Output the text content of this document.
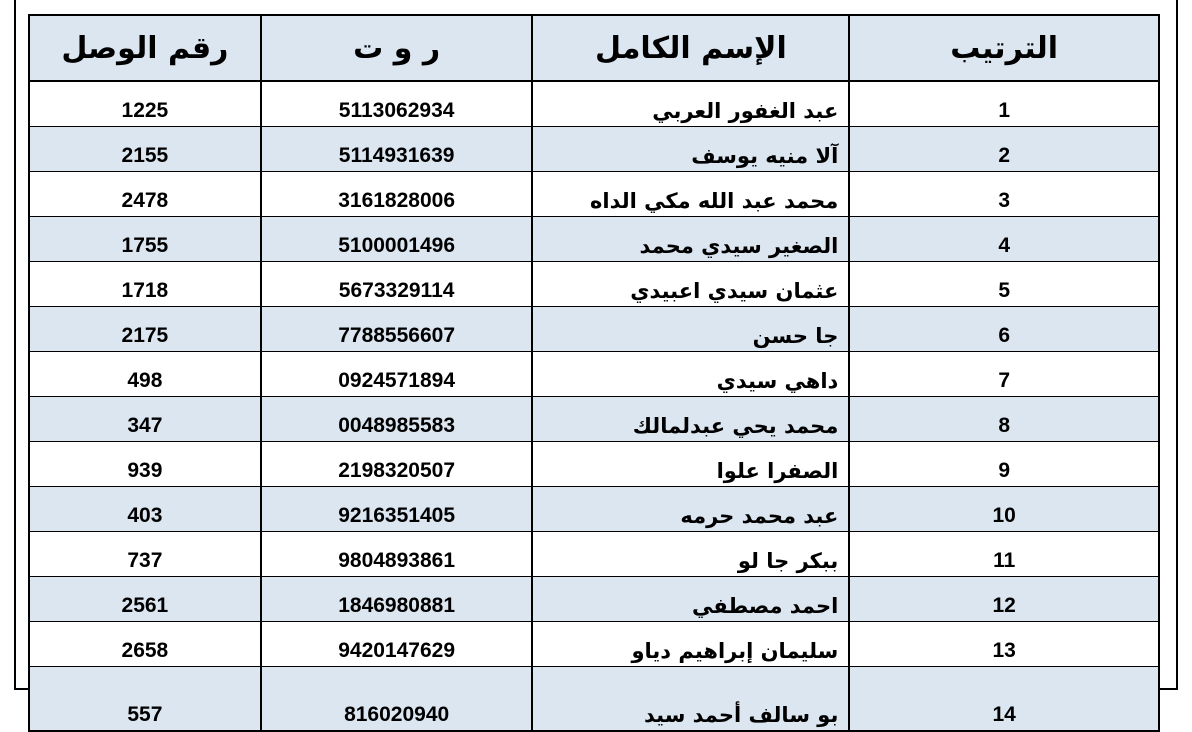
الترتيب	الإسم الكامل	ر و ت	رقم الوصل
1	عبد الغفور العربي	5113062934	1225
2	آلا منيه يوسف	5114931639	2155
3	محمد عبد الله مكي الداه	3161828006	2478
4	الصغير سيدي محمد	5100001496	1755
5	عثمان سيدي اعبيدي	5673329114	1718
6	جا حسن	7788556607	2175
7	داهي سيدي	0924571894	498
8	محمد يحي عبدلمالك	0048985583	347
9	الصفرا علوا	2198320507	939
10	عبد محمد حرمه	9216351405	403
11	ببكر جا لو	9804893861	737
12	احمد مصطفي	1846980881	2561
13	سليمان إبراهيم دياو	9420147629	2658
14	بو سالف أحمد سيد	816020940	557
